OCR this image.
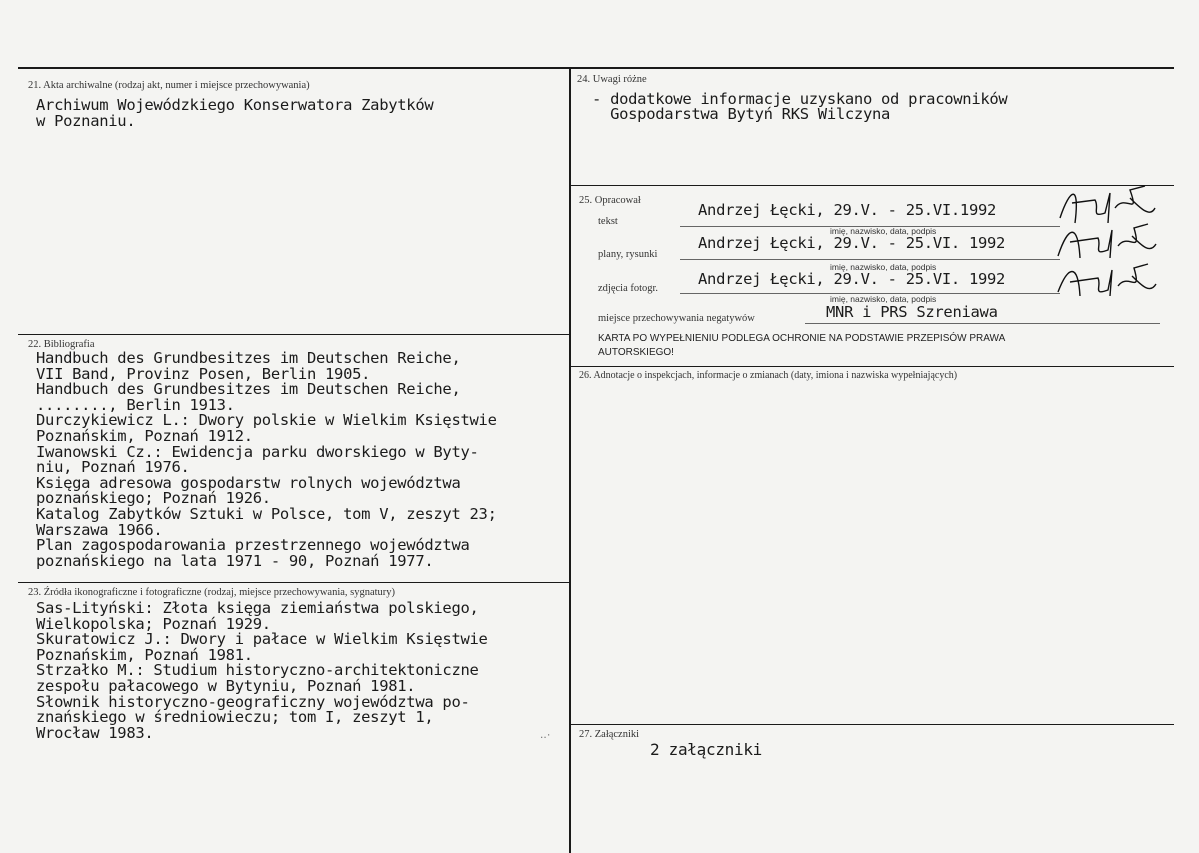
21. Akta archiwalne (rodzaj akt, numer i miejsce przechowywania)
Archiwum Wojewódzkiego Konserwatora Zabytków
w Poznaniu.
22. Bibliografia
Handbuch des Grundbesitzes im Deutschen Reiche,
VII Band, Provinz Posen, Berlin 1905.
Handbuch des Grundbesitzes im Deutschen Reiche,
........, Berlin 1913.
Durczykiewicz L.: Dwory polskie w Wielkim Księstwie
Poznańskim, Poznań 1912.
Iwanowski Cz.: Ewidencja parku dworskiego w Byty-
niu, Poznań 1976.
Księga adresowa gospodarstw rolnych województwa
poznańskiego; Poznań 1926.
Katalog Zabytków Sztuki w Polsce, tom V, zeszyt 23;
Warszawa 1966.
Plan zagospodarowania przestrzennego województwa
poznańskiego na lata 1971 - 90, Poznań 1977.
23. Źródła ikonograficzne i fotograficzne (rodzaj, miejsce przechowywania, sygnatury)
Sas-Lityński: Złota księga ziemiaństwa polskiego,
Wielkopolska; Poznań 1929.
Skuratowicz J.: Dwory i pałace w Wielkim Księstwie
Poznańskim, Poznań 1981.
Strzałko M.: Studium historyczno-architektoniczne
zespołu pałacowego w Bytyniu, Poznań 1981.
Słownik historyczno-geograficzny województwa po-
znańskiego w średniowieczu; tom I, zeszyt 1,
Wrocław 1983.	..·
24. Uwagi różne
- dodatkowe informacje uzyskano od pracowników
Gospodarstwa Bytyń RKS Wilczyna
25. Opracował
tekst
Andrzej Łęcki, 29.V. - 25.VI.1992
imię, nazwisko, data, podpis
plany, rysunki
Andrzej Łęcki, 29.V. - 25.VI. 1992
imię, nazwisko, data, podpis
zdjęcia fotogr.
Andrzej Łęcki, 29.V. - 25.VI. 1992
imię, nazwisko, data, podpis
miejsce przechowywania negatywów	MNR i PRS Szreniawa
KARTA PO WYPEŁNIENIU PODLEGA OCHRONIE NA PODSTAWIE PRZEPISÓW PRAWA
AUTORSKIEGO!
26. Adnotacje o inspekcjach, informacje o zmianach (daty, imiona i nazwiska wypełniających)
27. Załączniki
2 załączniki
